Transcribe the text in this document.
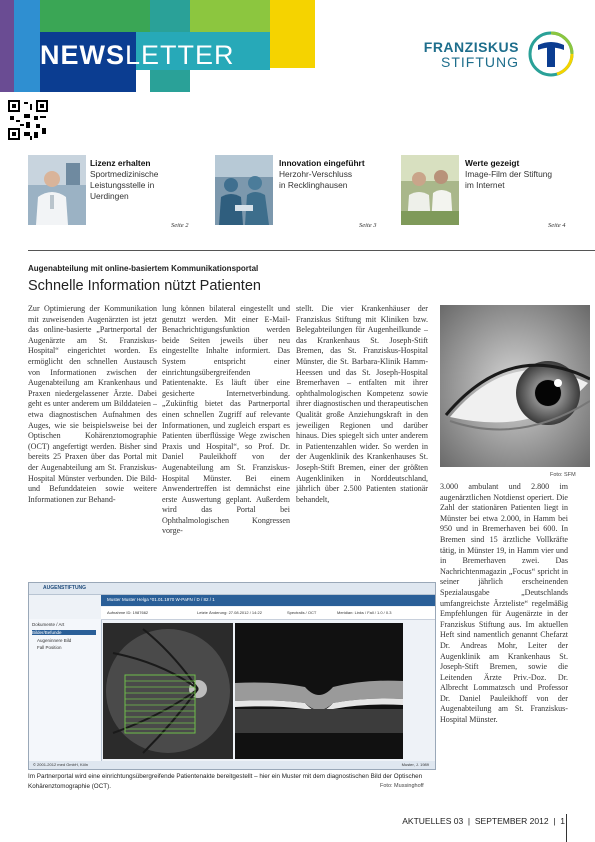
NEWSLETTER	FRANZISKUS
STIFTUNG
Lizenz erhalten
Sportmedizinische
Leistungsstelle in
Uerdingen
Seite 2
Innovation eingeführt
Herzohr-Verschluss
in Recklinghausen
Seite 3
Werte gezeigt
Image-Film der Stiftung
im Internet
Seite 4
Augenabteilung mit online-basiertem Kommunikationsportal
Schnelle Information nützt Patienten

Zur Optimierung der Kommunikation mit zuweisenden Augenärzten ist jetzt das online-basierte „Partnerportal der Augenärzte am St. Franziskus-Hospital“ eingerichtet worden. Es ermöglicht den schnellen Austausch von Informationen zwischen der Augenabteilung am Krankenhaus und Praxen niedergelassener Ärzte. Dabei geht es unter anderem um Bilddateien – etwa diagnostischen Aufnahmen des Auges, wie sie beispielsweise bei der Optischen Kohärenztomographie (OCT) angefertigt werden. Bisher sind bereits 25 Praxen über das Portal mit der Augenabteilung am St. Franziskus-Hospital Münster verbunden. Die Bild- und Befunddateien sowie weitere Informationen zur Behand-

lung können bilateral eingestellt und genutzt werden. Mit einer E-Mail-Benachrichtigungsfunktion werden beide Seiten jeweils über neu eingestellte Inhalte informiert. Das System entspricht einer einrichtungsübergreifenden Patientenakte. Es läuft über eine gesicherte Internetverbindung. „Zukünftig bietet das Partnerportal einen schnellen Zugriff auf relevante Informationen, und zugleich erspart es Patienten überflüssige Wege zwischen Praxis und Hospital“, so Prof. Dr. Daniel Pauleikhoff von der Augenabteilung am St. Franziskus-Hospital Münster. Bei einem Anwendertreffen ist demnächst eine erste Auswertung geplant. Außerdem wird das Portal bei Ophthalmologischen Kongressen vorge-

stellt. Die vier Krankenhäuser der Franziskus Stiftung mit Kliniken bzw. Belegabteilungen für Augenheilkunde – das Krankenhaus St. Joseph-Stift Bremen, das St. Franziskus-Hospital Münster, die St. Barbara-Klinik Hamm-Heessen und das St. Joseph-Hospital Bremerhaven – entfalten mit ihrer ophthalmologischen Kompetenz sowie ihrer diagnostischen und therapeutischen Qualität große Anziehungskraft in den jeweiligen Regionen und darüber hinaus. Dies spiegelt sich unter anderem in Patientenzahlen wider. So werden in der Augenklinik des Krankenhauses St. Joseph-Stift Bremen, einer der größten Augenkliniken in Norddeutschland, jährlich über 2.500 Patienten stationär behandelt,

Foto: SFM

3.000 ambulant und 2.800 im augenärztlichen Notdienst operiert. Die Zahl der stationären Patienten liegt in Münster bei etwa 2.000, in Hamm bei 950 und in Bremerhaven bei 600. In Bremen sind 15 ärztliche Vollkräfte tätig, in Münster 19, in Hamm vier und in Bremerhaven zwei. Das Nachrichtenmagazin „Focus“ spricht in seiner jährlich erscheinenden Spezialausgabe „Deutschlands umfangreichste Ärzteliste“ regelmäßig Empfehlungen für Augenärzte in der Franziskus Stiftung aus. Im aktuellen Heft sind namentlich genannt Chefarzt Dr. Andreas Mohr, Leiter der Augenklinik am Krankenhaus St. Joseph-Stift Bremen, sowie die Leitenden Ärzte Priv.-Doz. Dr. Albrecht Lommatzsch und Professor Dr. Daniel Pauleikhoff von der Augenabteilung am St. Franziskus-Hospital Münster.

AUGENSTIFTUNG
Dokumente / Art
Bilder/Befunde
Augeninnere Bild
Fall Position
Muster Muster Helga *01.01.1970 W-PaFN / D / 82 / 1
Aufnahme ID: 1987662	Letzte Änderung: 27.08.2012 / 14:22	Spectralis / OCT	Meridian: Links / Fall / 1.0 / 0.3
© 2001-2012 med GmbH, Köln	Muster, J. 1989
Im Partnerportal wird eine einrichtungsübergreifende Patientenakte bereitgestellt – hier ein Muster mit dem diagnostischen Bild der Optischen Kohärenztomographie (OCT).	Foto: Mussinghoff
AKTUELLES 03  |  SEPTEMBER 2012  |  1
